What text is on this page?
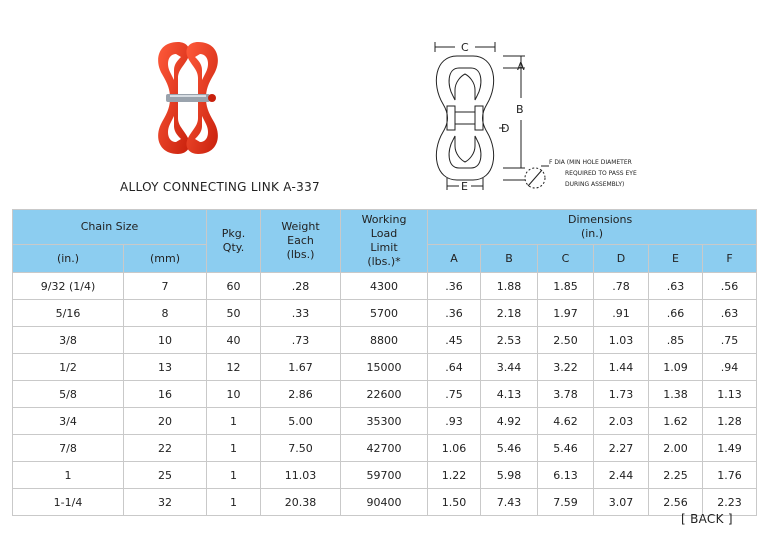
ALLOY CONNECTING LINK A-337
C
A
B
D
E
F DIA (MIN HOLE DIAMETER
REQUIRED TO PASS EYE
DURING ASSEMBLY)
Chain Size		Pkg. Qty.	Weight Each (lbs.)	Working Load Limit (lbs.)*	Dimensions (in.)					
(in.)	(mm)				A	B	C	D	E	F
9/32 (1/4)	7	60	.28	4300	.36	1.88	1.85	.78	.63	.56
5/16	8	50	.33	5700	.36	2.18	1.97	.91	.66	.63
3/8	10	40	.73	8800	.45	2.53	2.50	1.03	.85	.75
1/2	13	12	1.67	15000	.64	3.44	3.22	1.44	1.09	.94
5/8	16	10	2.86	22600	.75	4.13	3.78	1.73	1.38	1.13
3/4	20	1	5.00	35300	.93	4.92	4.62	2.03	1.62	1.28
7/8	22	1	7.50	42700	1.06	5.46	5.46	2.27	2.00	1.49
1	25	1	11.03	59700	1.22	5.98	6.13	2.44	2.25	1.76
1-1/4	32	1	20.38	90400	1.50	7.43	7.59	3.07	2.56	2.23
[ BACK ]
